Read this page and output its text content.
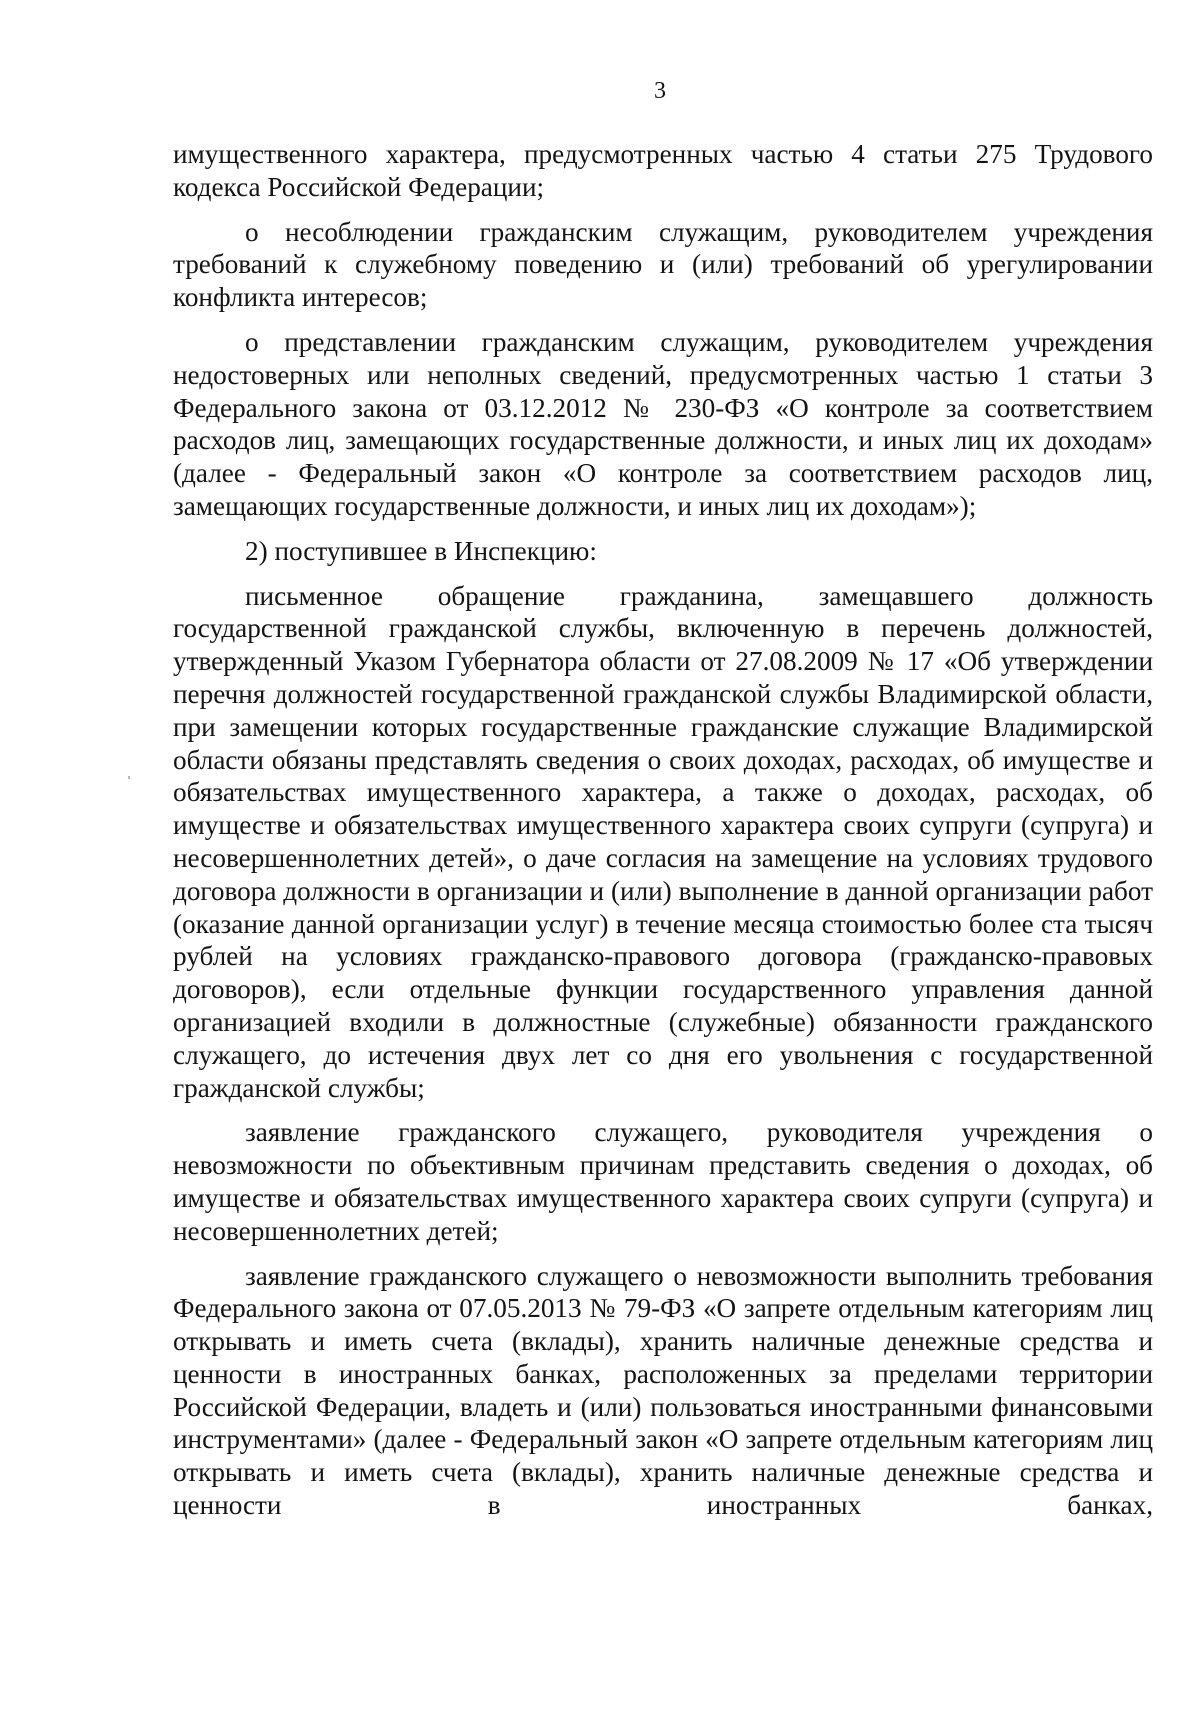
3

имущественного характера, предусмотренных частью 4 статьи 275 Трудового кодекса Российской Федерации;

о несоблюдении гражданским служащим, руководителем учреждения требований к служебному поведению и (или) требований об урегулировании конфликта интересов;

о представлении гражданским служащим, руководителем учреждения недостоверных или неполных сведений, предусмотренных частью 1 статьи 3 Федерального закона от 03.12.2012 № 230-ФЗ «О контроле за соответствием расходов лиц, замещающих государственные должности, и иных лиц их доходам» (далее - Федеральный закон «О контроле за соответствием расходов лиц, замещающих государственные должности, и иных лиц их доходам»);

2) поступившее в Инспекцию:

письменное обращение гражданина, замещавшего должность государственной гражданской службы, включенную в перечень должностей, утвержденный Указом Губернатора области от 27.08.2009 № 17 «Об утверждении перечня должностей государственной гражданской службы Владимирской области, при замещении которых государственные гражданские служащие Владимирской области обязаны представлять сведения о своих доходах, расходах, об имуществе и обязательствах имущественного характера, а также о доходах, расходах, об имуществе и обязательствах имущественного характера своих супруги (супруга) и несовершеннолетних детей», о даче согласия на замещение на условиях трудового договора должности в организации и (или) выполнение в данной организации работ (оказание данной организации услуг) в течение месяца стоимостью более ста тысяч рублей на условиях гражданско-правового договора (гражданско-правовых договоров), если отдельные функции государственного управления данной организацией входили в должностные (служебные) обязанности гражданского служащего, до истечения двух лет со дня его увольнения с государственной гражданской службы;

заявление гражданского служащего, руководителя учреждения о невозможности по объективным причинам представить сведения о доходах, об имуществе и обязательствах имущественного характера своих супруги (супруга) и несовершеннолетних детей;

заявление гражданского служащего о невозможности выполнить требования Федерального закона от 07.05.2013 № 79-ФЗ «О запрете отдельным категориям лиц открывать и иметь счета (вклады), хранить наличные денежные средства и ценности в иностранных банках, расположенных за пределами территории Российской Федерации, владеть и (или) пользоваться иностранными финансовыми инструментами» (далее - Федеральный закон «О запрете отдельным категориям лиц открывать и иметь счета (вклады), хранить наличные денежные средства и ценности в иностранных банках,
